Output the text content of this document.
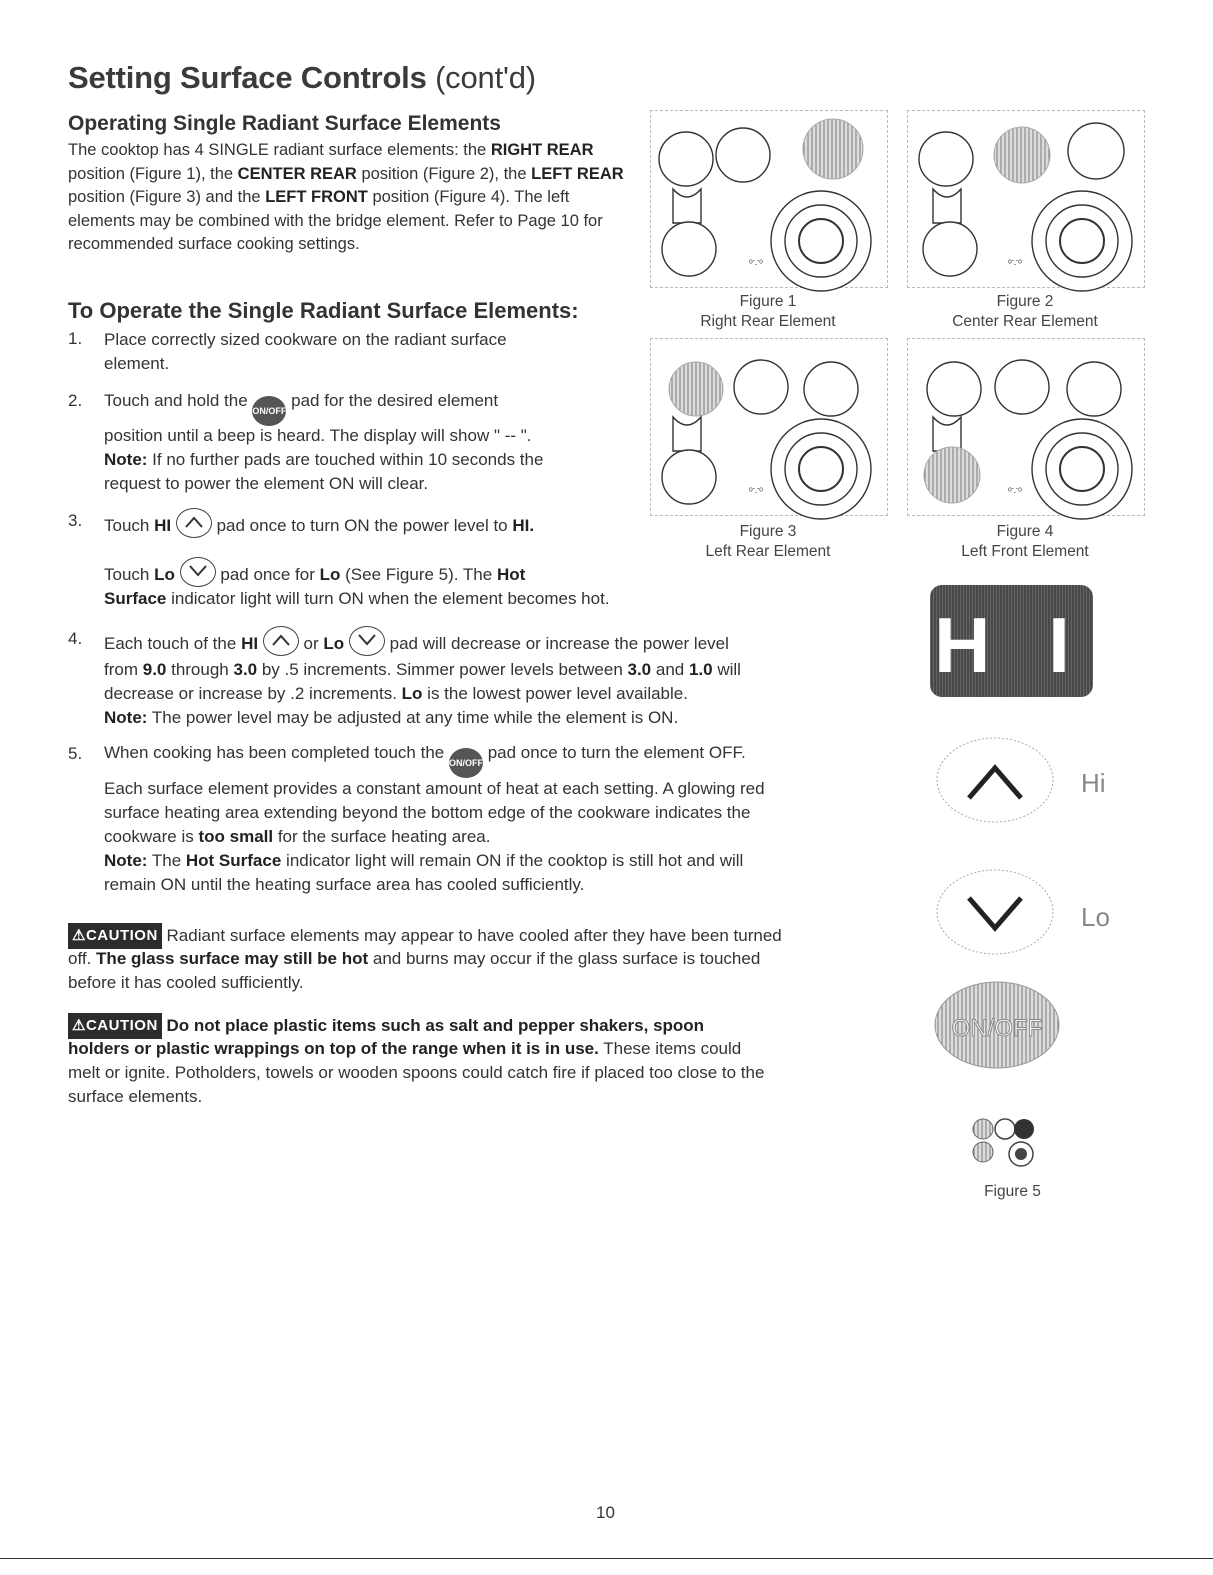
Setting Surface Controls (cont'd)
Operating Single Radiant Surface Elements
The cooktop has 4 SINGLE radiant surface elements: the RIGHT REAR position (Figure 1), the CENTER REAR position (Figure 2), the LEFT REAR position (Figure 3) and the LEFT FRONT position (Figure 4). The left elements may be combined with the bridge element. Refer to Page 10 for recommended surface cooking settings.
To Operate the Single Radiant Surface Elements:
1. Place correctly sized cookware on the radiant surface
element.
2. Touch and hold the ON/OFF pad for the desired element
position until a beep is heard. The display will show " -- ".
Note: If no further pads are touched within 10 seconds the
request to power the element ON will clear.
3. Touch HI	pad once to turn ON the power level to HI.
Touch Lo	pad once for Lo (See Figure 5). The Hot
Surface indicator light will turn ON when the element becomes hot.
4. Each touch of the HI	or Lo	pad will decrease or increase the power level
from 9.0 through 3.0 by .5 increments. Simmer power levels between 3.0 and 1.0 will
decrease or increase by .2 increments. Lo is the lowest power level available.
Note: The power level may be adjusted at any time while the element is ON.
5. When cooking has been completed touch the ON/OFF pad once to turn the element OFF.
Each surface element provides a constant amount of heat at each setting. A glowing red
surface heating area extending beyond the bottom edge of the cookware indicates the
cookware is too small for the surface heating area.
Note: The Hot Surface indicator light will remain ON if the cooktop is still hot and will
remain ON until the heating surface area has cooled sufficiently.
⚠CAUTION Radiant surface elements may appear to have cooled after they have been turned
off. The glass surface may still be hot and burns may occur if the glass surface is touched
before it has cooled sufficiently.
⚠CAUTION Do not place plastic items such as salt and pepper shakers, spoon
holders or plastic wrappings on top of the range when it is in use. These items could
melt or ignite. Potholders, towels or wooden spoons could catch fire if placed too close to the
surface elements.
ᵒ∵ᵒ	ᵒ∵ᵒ
ᵒ∵ᵒ	ᵒ∵ᵒ
Figure 1
Right Rear Element
Figure 2
Center Rear Element
Figure 3
Left Rear Element
Figure 4
Left Front Element
H I
Hi
Lo
ON/OFF
Figure 5
10
